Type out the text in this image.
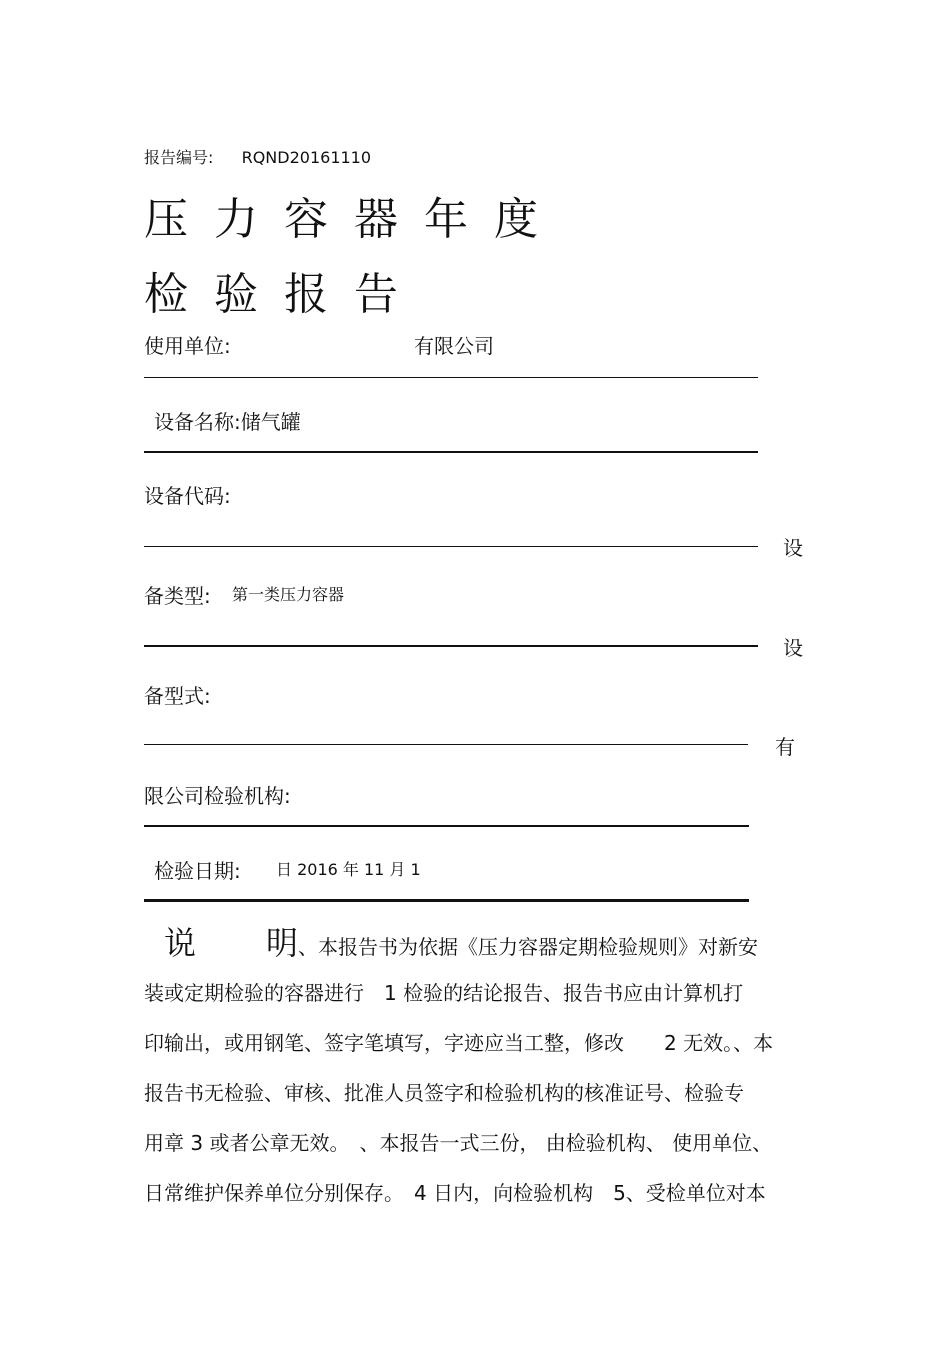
报告编号: RQND20161110
压力容器年度
检验报告
使用单位:	有限公司
设备名称:储气罐
设备代码:
设
备类型: 第一类压力容器
设
备型式:
有
限公司检验机构:
检验日期: 日 2016 年 11 月 1
说 明、本报告书为依据《压力容器定期检验规则》对新安
装或定期检验的容器进行　1 检验的结论报告、报告书应由计算机打
印输出，或用钢笔、签字笔填写，字迹应当工整，修改　　2 无效。、本
报告书无检验、审核、批准人员签字和检验机构的核准证号、检验专
用章 3 或者公章无效。　、本报告一式三份， 由检验机构、 使用单位、
日常维护保养单位分别保存。　4 日内，向检验机构　5、受检单位对本
